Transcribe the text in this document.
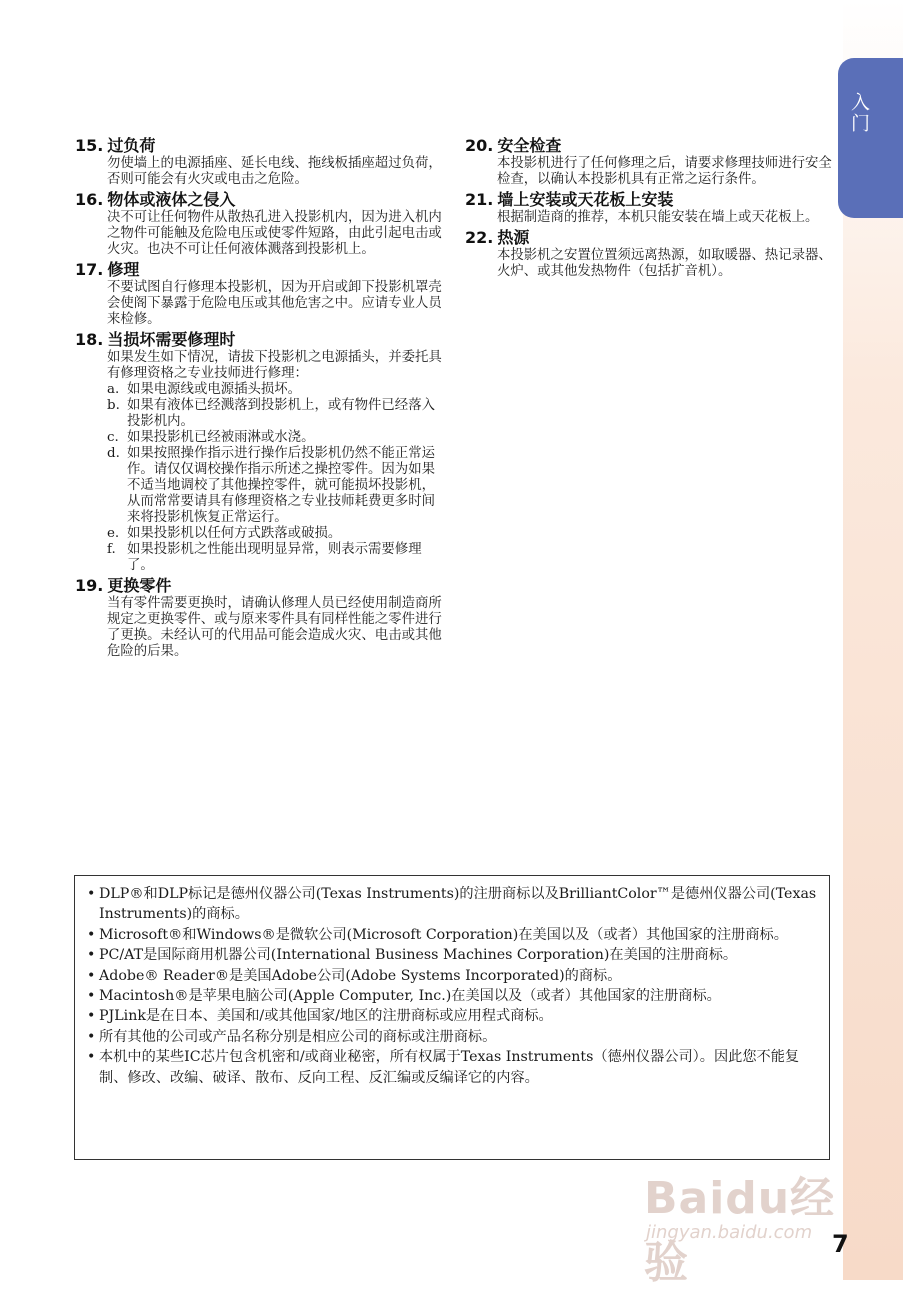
入门

15. 过负荷

勿使墙上的电源插座、延长电线、拖线板插座超过负荷，否则可能会有火灾或电击之危险。

16. 物体或液体之侵入

决不可让任何物件从散热孔进入投影机内，因为进入机内之物件可能触及危险电压或使零件短路，由此引起电击或火灾。也决不可让任何液体溅落到投影机上。

17. 修理

不要试图自行修理本投影机，因为开启或卸下投影机罩壳会使阁下暴露于危险电压或其他危害之中。应请专业人员来检修。

18. 当损坏需要修理时

如果发生如下情况，请拔下投影机之电源插头，并委托具有修理资格之专业技师进行修理：

a. 如果电源线或电源插头损坏。
b. 如果有液体已经溅落到投影机上，或有物件已经落入投影机内。
c. 如果投影机已经被雨淋或水浇。
d. 如果按照操作指示进行操作后投影机仍然不能正常运作。请仅仅调校操作指示所述之操控零件。因为如果不适当地调校了其他操控零件，就可能损坏投影机，从而常常要请具有修理资格之专业技师耗费更多时间来将投影机恢复正常运行。
e. 如果投影机以任何方式跌落或破损。
f. 如果投影机之性能出现明显异常，则表示需要修理了。

19. 更换零件

当有零件需要更换时，请确认修理人员已经使用制造商所规定之更换零件、或与原来零件具有同样性能之零件进行了更换。未经认可的代用品可能会造成火灾、电击或其他危险的后果。

20. 安全检查

本投影机进行了任何修理之后，请要求修理技师进行安全检查，以确认本投影机具有正常之运行条件。

21. 墙上安装或天花板上安装

根据制造商的推荐，本机只能安装在墙上或天花板上。

22. 热源

本投影机之安置位置须远离热源，如取暖器、热记录器、火炉、或其他发热物件（包括扩音机）。

• DLP®和DLP标记是德州仪器公司(Texas Instruments)的注册商标以及BrilliantColor™是德州仪器公司(Texas Instruments)的商标。

• Microsoft®和Windows®是微软公司(Microsoft Corporation)在美国以及（或者）其他国家的注册商标。

• PC/AT是国际商用机器公司(International Business Machines Corporation)在美国的注册商标。

• Adobe® Reader®是美国Adobe公司(Adobe Systems Incorporated)的商标。

• Macintosh®是苹果电脑公司(Apple Computer, Inc.)在美国以及（或者）其他国家的注册商标。

• PJLink是在日本、美国和/或其他国家/地区的注册商标或应用程式商标。

• 所有其他的公司或产品名称分别是相应公司的商标或注册商标。

• 本机中的某些IC芯片包含机密和/或商业秘密，所有权属于Texas Instruments（德州仪器公司）。因此您不能复制、修改、改编、破译、散布、反向工程、反汇编或反编译它的内容。

Baidu经验
jingyan.baidu.com 7
